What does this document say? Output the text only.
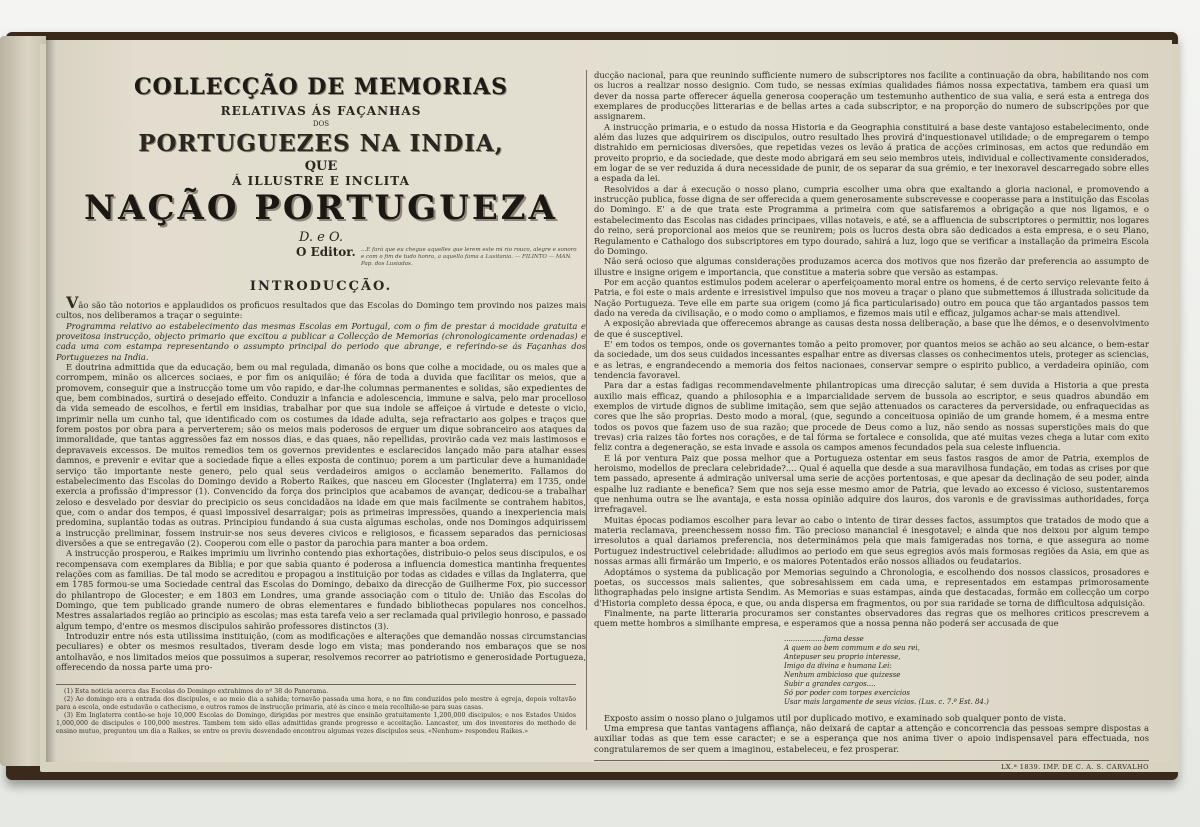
COLLECÇÃO DE MEMORIAS
RELATIVAS ÁS FAÇANHAS
DOS
PORTUGUEZES NA INDIA,
QUE
Á ILLUSTRE E INCLITA
NAÇÃO PORTUGUEZA
D. e O.
O Editor. ...E fará que eu chegue aquelles que lerem este mi rio rouco, alegre e sonoro e com o fim de tudo honra, a aquella fama a Lusitania. — FILINTO — MAN. Pap. dos Lusiadas.
INTRODUCÇÃO.

Vão são tão notorios e applaudidos os proficuos resultados que das Escolas do Domingo tem provindo nos paizes mais cultos, nos deliberamos a traçar o seguinte:

Programma relativo ao estabelecimento das mesmas Escolas em Portugal, com o fim de prestar á mocidade gratuita e proveitosa instrucção, objecto primario que excitou a publicar a Collecção de Memorias (chronologicamente ordenadas) e cada uma com estampa representando o assumpto principal do periodo que abrange, e referindo-se ás Façanhas dos Portuguezes na India.

E doutrina admittida que da educação, bem ou mal regulada, dimanão os bons que colhe a mocidade, ou os males que a corrompem, minão os alicerces sociaes, e por fim os aniquilão; é fóra de toda a duvida que facilitar os meios, que a promovem, conseguir que a instrucção tome um vôo rapido, e dar-lhe columnas permanentes e solidas, são expedientes de que, bem combinados, surtirá o desejado effeito. Conduzir a infancia e adolescencia, immune e salva, pelo mar procelloso da vida semeado de escolhos, e fertil em insidias, trabalhar por que sua indole se affeiçoe á virtude e deteste o vicio, imprimir nella um cunho tal, que identificado com os costumes da idade adulta, seja refractario aos golpes e traços que forem postos por obra para a perverterem; são os meios mais poderosos de erguer um dique sobranceiro aos ataques da immoralidade, que tantas aggressões faz em nossos dias, e das quaes, não repellidas, provirão cada vez mais lastimosos e depravaveis excessos. De muitos remedios tem os governos previdentes e esclarecidos lançado mão para atalhar esses damnos, e prevenir e evitar que a sociedade fique a elles exposta de continuo; porem a um particular deve a humanidade serviço tão importante neste genero, pelo qual seus verdadeiros amigos o acclamão benemerito. Fallamos do estabelecimento das Escolas do Domingo devido a Roberto Raikes, que nasceu em Glocester (Inglaterra) em 1735, onde exercia a profissão d'impressor (1). Convencido da força dos principios que acabamos de avançar, dedicou-se a trabalhar zeloso e desvelado por desviar do precipicio os seus concidadãos na idade em que mais facilmente se contrahem habitos, que, com o andar dos tempos, é quasi impossivel desarraigar; pois as primeiras impressões, quando a inexperiencia mais predomina, suplantão todas as outras. Principiou fundando á sua custa algumas escholas, onde nos Domingos adquirissem a instrucção preliminar, fossem instruir-se nos seus deveres civicos e religiosos, e ficassem separados das perniciosas diversões a que se entregavão (2). Cooperou com elle o pastor da parochia para manter a boa ordem.

A instrucção prosperou, e Raikes imprimiu um livrinho contendo pias exhortações, distribuio-o pelos seus discipulos, e os recompensava com exemplares da Biblia; e por que sabia quanto é poderosa a influencia domestica mantinha frequentes relações com as familias. De tal modo se acreditou e propagou a instituição por todas as cidades e villas da Inglaterra, que em 1785 formou-se uma Sociedade central das Escolas do Domingo, debaixo da direcção de Guilherme Fox, pio successor do philantropo de Glocester; e em 1803 em Londres, uma grande associação com o titulo de: União das Escolas do Domingo, que tem publicado grande numero de obras elementares e fundado bibliothecas populares nos concelhos. Mestres assalariados região ao principio as escolas; mas esta tarefa veio a ser reclamada qual privilegio honroso, e passado algum tempo, d'entre os mesmos discipulos sahirão professores distinctos (3).

Introduzir entre nós esta utilissima instituição, (com as modificações e alterações que demandão nossas circumstancias peculiares) e obter os mesmos resultados, tiveram desde logo em vista; mas ponderando nos embaraços que se nos antolhavão, e nos limitados meios que possuimos a superar, resolvemos recorrer ao patriotismo e generosidade Portugueza, offerecendo da nossa parte uma pro-

(1) Esta noticia acerca das Escolas do Domingo extrahimos do nº 38 do Panorama.

(2) Ao domingo era a entrada dos discipulos, e ao meio dia a sahida; tornavão passada uma hora, e no fim conduzidos pelo mestre á egreja, depois voltavão para a escola, onde estudavão o cathecismo, e outros ramos de instrucção primaria, até ás cinco e meia recolhião-se para suas casas.

(3) Em Inglaterra contão-se hoje 10,000 Escolas do Domingo, dirigidas por mestres que ensinão gratuitamente 1,200,000 discipulos; e nos Estados Unidos 1,000,000 de discipulos e 100,000 mestres. Tambem tem sido ellas admittidas grande progresso e acceitação. Lancaster, um dos inventores do methodo de ensino mutuo, preguntou um dia a Raikes, se entre os previu desvendado encontrou algumas vezes discipulos seus. «Nenhum» respondeu Raikes.»

ducção nacional, para que reunindo sufficiente numero de subscriptores nos facilite a continuação da obra, habilitando nos com os lucros a realizar nosso designio. Com tudo, se nessas exímias qualidades fiámos nossa expectativa, tambem era quasi um dever da nossa parte offerecer áquella generosa cooperação um testemunho authentico de sua valia, e será esta a entrega dos exemplares de producções litterarias e de bellas artes a cada subscriptor, e na proporção do numero de subscripções por que assignarem.

A instrucção primaria, e o estudo da nossa Historia e da Geographia constituirá a base deste vantajoso estabelecimento, onde além das luzes que adquirirem os discipulos, outro resultado lhes provirá d'inquestionavel utilidade; o de empregarem o tempo distrahido em perniciosas diversões, que repetidas vezes os levão á pratica de acções criminosas, em actos que redundão em proveito proprio, e da sociedade, que deste modo abrigará em seu seio membros uteis, individual e collectivamente considerados, em logar de se ver reduzida á dura necessidade de punir, de os separar da sua grémio, e ter inexoravel descarregado sobre elles a espada da lei.

Resolvidos a dar á execução o nosso plano, cumpria escolher uma obra que exaltando a gloria nacional, e promovendo a instrucção publica, fosse digna de ser offerecida a quem generosamente subscrevesse e cooperasse para a instituição das Escolas do Domingo. E' a de que trata este Programma a primeira com que satisfaremos a obrigação a que nos ligamos, e o estabelecimento das Escolas nas cidades principaes, villas notaveis, e até, se a affluencia de subscriptores o permittir, nos logares do reino, será proporcional aos meios que se reunirem; pois os lucros desta obra são dedicados a esta empresa, e o seu Plano, Regulamento e Cathalogo dos subscriptores em typo dourado, sahirá a luz, logo que se verificar a installação da primeira Escola do Domingo.

Não será ocioso que algumas considerações produzamos acerca dos motivos que nos fizerão dar preferencia ao assumpto de illustre e insigne origem e importancia, que constitue a materia sobre que versão as estampas.

Por em acção quantos estimulos podem acelerar o aperfeiçoamento moral entre os homens, é de certo serviço relevante feito á Patria, e foi este o mais ardente e irresistivel impulso que nos moveu a traçar o plano que submettemos á illustrada solicitude da Nação Portugueza. Teve elle em parte sua origem (como já fica particularisado) outro em pouca que tão argantados passos tem dado na vereda da civilisação, e o modo como o ampliamos, e fizemos mais util e efficaz, julgamos achar-se mais attendivel.

A exposição abreviada que offerecemos abrange as causas desta nossa deliberação, a base que lhe démos, e o desenvolvimento de que é susceptivel.

E' em todos os tempos, onde os governantes tomão a peito promover, por quantos meios se achão ao seu alcance, o bem-estar da sociedade, um dos seus cuidados incessantes espalhar entre as diversas classes os conhecimentos uteis, proteger as sciencias, e as letras, e engrandecendo a memoria dos feitos nacionaes, conservar sempre o espirito publico, a verdadeira opinião, com tendencia favoravel.

Para dar a estas fadigas recommendavelmente philantropicas uma direcção salutar, é sem duvida a Historia a que presta auxilio mais efficaz, quando a philosophia e a imparcialidade servem de bussola ao escriptor, e seus quadros abundão em exemplos de virtude dignos de sublime imitação, sem que sejão attenuados os caracteres da perversidade, ou enfraquecidas as cores que lhe são proprias. Desto modo a moral, (que, segundo a conceituosa opinião de um grande homem, é a mesma entre todos os povos que fazem uso de sua razão; que procede de Deus como a luz, não sendo as nossas superstições mais do que trevas) cria raizes tão fortes nos corações, e de tal fórma se fortalece e consolida, que até muitas vezes chega a lutar com exito feliz contra a degeneração, se esta invade e assola os campos amenos fecundados pela sua celeste influencia.

E lá por ventura Paiz que possa melhor que a Portugueza ostentar em seus fastos rasgos de amor de Patria, exemplos de heroismo, modellos de preclara celebridade?.... Qual é aquella que desde a sua maravilhosa fundação, em todas as crises por que tem passado, apresente á admiração universal uma serie de acções portentosas, e que apesar da declinação de seu poder, ainda espalhe luz radiante e benefica? Sem que nos seja esse mesmo amor de Patria, que levado ao excesso é vicioso, sustentaremos que nenhuma outra se lhe avantaja, e esta nossa opinião adquire dos lauros, dos varonis e de gravissimas authoridades, força irrefragavel.

Muitas épocas podiamos escolher para levar ao cabo o intento de tirar desses factos, assumptos que tratados de modo que a materia reclamava, preenchessem nosso fim. Tão precioso manancial é inesgotavel; e ainda que nos deixou por algum tempo irresolutos a qual dariamos preferencia, nos determinámos pela que mais famigeradas nos torna, e que assegura ao nome Portuguez indestructivel celebridade: alludimos ao periodo em que seus egregios avós mais formosas regiões da Asia, em que as nossas armas alli firmárão um Imperio, e os maiores Potentados erão nossos alliados ou feudatarios.

Adoptámos o systema da publicação por Memorias seguindo a Chronologia, e escolhendo dos nossos classicos, prosadores e poetas, os successos mais salientes, que sobresahissem em cada uma, e representados em estampas primorosamente lithographadas pelo insigne artista Sendim. As Memorias e suas estampas, ainda que destacadas, formão em collecção um corpo d'Historia completo dessa época, e que, ou anda dispersa em fragmentos, ou por sua raridade se torna de difficultosa adquisição.

Finalmente, na parte litteraria procuramos ser constantes observadores das regras que os melhores criticos prescrevem a quem mette hombros a similhante empresa, e esperamos que a nossa penna não poderá ser accusada de que

..................fama desse
A quem ao bem commum e do seu rei,
Antepuser seu proprio interesse,
Imigo da divina e humana Lei:
Nenhum ambicioso que quizesse
Subir a grandes cargos....
Só por poder com torpes exercicios
Usar mais largamente de seus vicios. (Lus. c. 7.º Est. 84.)

Exposto assim o nosso plano o julgamos util por duplicado motivo, e examinado sob qualquer ponto de vista.

Uma empresa que tantas vantagens affiança, não deixará de captar a attenção e concorrencia das pessoas sempre dispostas a auxiliar todas as que tem esse caracter; e se a esperança que nos anima tiver o apoio indispensavel para effectuada, nos congratularemos de ser quem a imaginou, estabeleceu, e fez prosperar.

LX.ª 1839. IMP. DE C. A. S. CARVALHO
